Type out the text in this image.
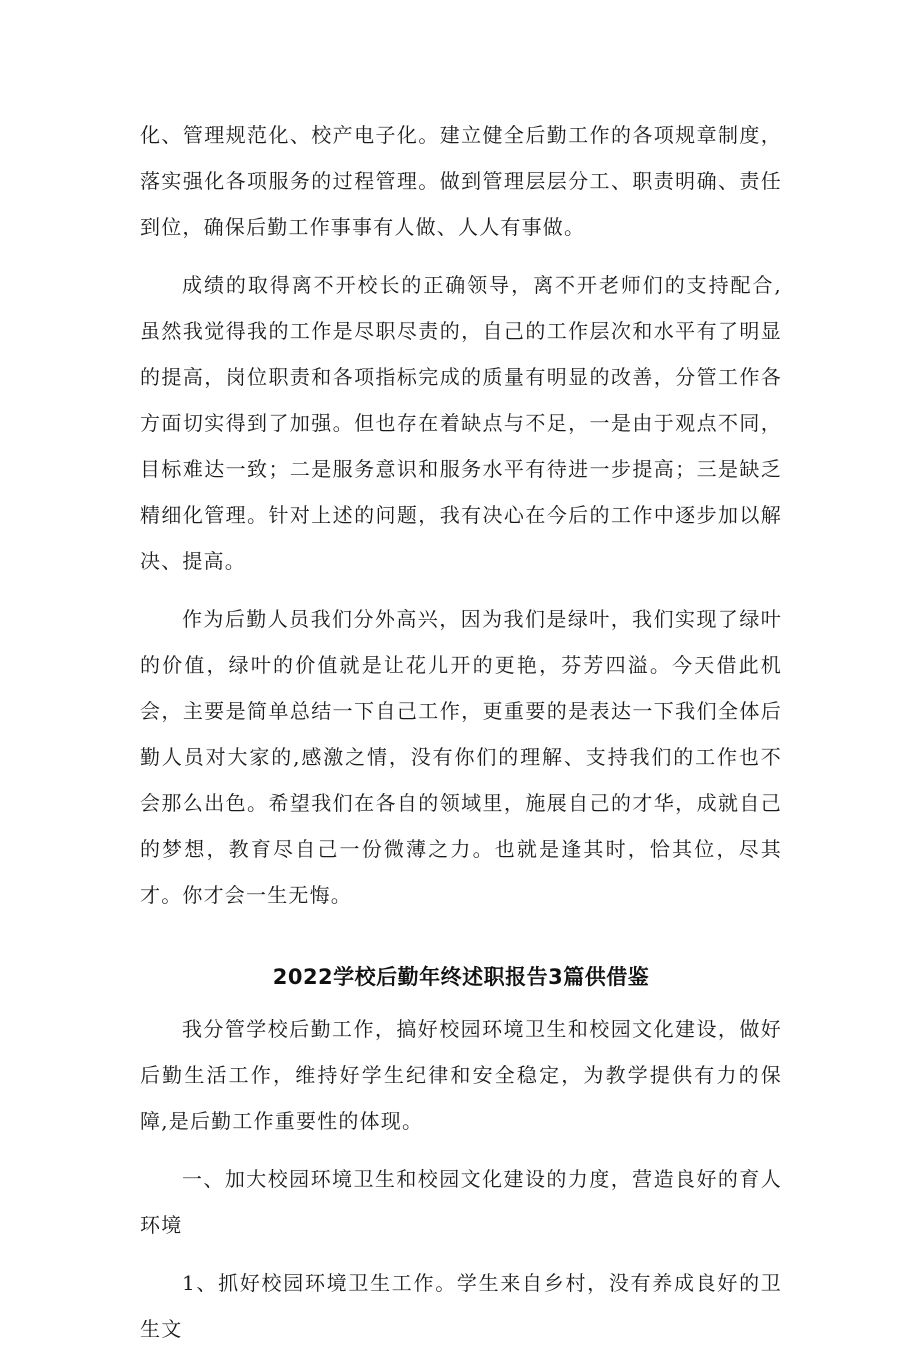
化、管理规范化、校产电子化。建立健全后勤工作的各项规章制度，落实强化各项服务的过程管理。做到管理层层分工、职责明确、责任到位，确保后勤工作事事有人做、人人有事做。

成绩的取得离不开校长的正确领导，离不开老师们的支持配合,虽然我觉得我的工作是尽职尽责的，自己的工作层次和水平有了明显的提高，岗位职责和各项指标完成的质量有明显的改善，分管工作各方面切实得到了加强。但也存在着缺点与不足，一是由于观点不同，目标难达一致；二是服务意识和服务水平有待进一步提高；三是缺乏精细化管理。针对上述的问题，我有决心在今后的工作中逐步加以解决、提高。

作为后勤人员我们分外高兴，因为我们是绿叶，我们实现了绿叶的价值，绿叶的价值就是让花儿开的更艳，芬芳四溢。今天借此机会，主要是简单总结一下自己工作，更重要的是表达一下我们全体后勤人员对大家的,感激之情，没有你们的理解、支持我们的工作也不会那么出色。希望我们在各自的领域里，施展自己的才华，成就自己的梦想，教育尽自己一份微薄之力。也就是逢其时，恰其位，尽其才。你才会一生无悔。

2022学校后勤年终述职报告3篇供借鉴

我分管学校后勤工作，搞好校园环境卫生和校园文化建设，做好后勤生活工作，维持好学生纪律和安全稳定，为教学提供有力的保障,是后勤工作重要性的体现。

一、加大校园环境卫生和校园文化建设的力度，营造良好的育人环境

1、抓好校园环境卫生工作。学生来自乡村，没有养成良好的卫生文
